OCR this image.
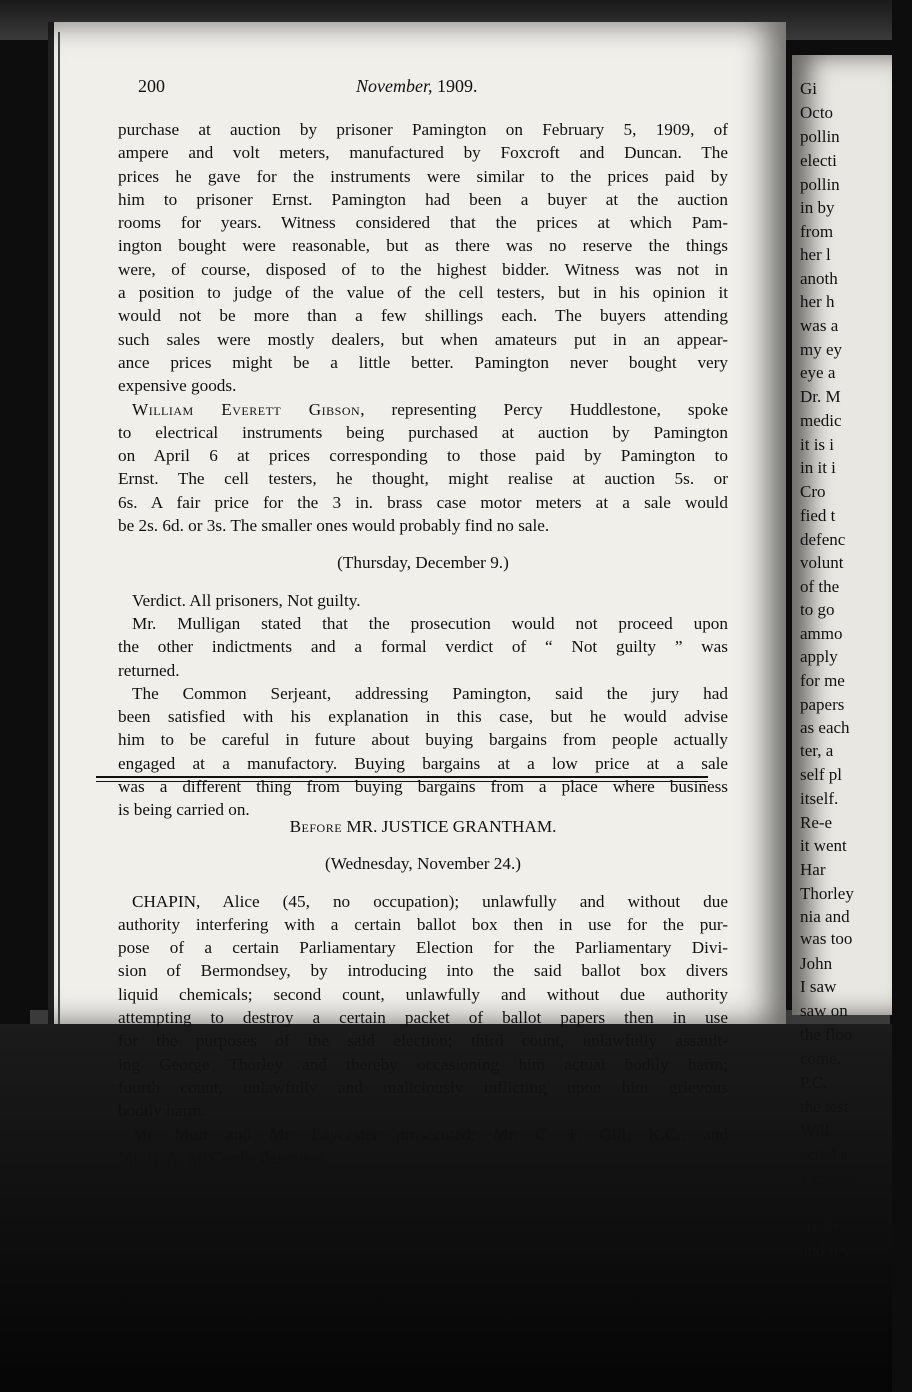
Gi
Octo
pollin
electi
pollin
in by
from
her l
anoth
her h
was a
my ey
eye a
Dr. M
medic
it is i
in it i
Cro
fied t
defenc
volunt
of the
to go
ammo
apply
for me
papers
as each
ter, a
self pl
itself.
Re-e
it went
Har
Thorley
nia and
was too
John
I saw
saw on
the floo
come.
P.C.
the test
Will
acted a
a comm
11.15.
sticky
and it v
200	November, 1909.
purchase at auction by prisoner Pamington on February 5, 1909, of
ampere and volt meters, manufactured by Foxcroft and Duncan. The
prices he gave for the instruments were similar to the prices paid by
him to prisoner Ernst. Pamington had been a buyer at the auction
rooms for years. Witness considered that the prices at which Pam-
ington bought were reasonable, but as there was no reserve the things
were, of course, disposed of to the highest bidder. Witness was not in
a position to judge of the value of the cell testers, but in his opinion it
would not be more than a few shillings each. The buyers attending
such sales were mostly dealers, but when amateurs put in an appear-
ance prices might be a little better. Pamington never bought very
expensive goods.
William Everett Gibson, representing Percy Huddlestone, spoke
to electrical instruments being purchased at auction by Pamington
on April 6 at prices corresponding to those paid by Pamington to
Ernst. The cell testers, he thought, might realise at auction 5s. or
6s. A fair price for the 3 in. brass case motor meters at a sale would
be 2s. 6d. or 3s. The smaller ones would probably find no sale.
(Thursday, December 9.)
Verdict. All prisoners, Not guilty.
Mr. Mulligan stated that the prosecution would not proceed upon
the other indictments and a formal verdict of “ Not guilty ” was
returned.
The Common Serjeant, addressing Pamington, said the jury had
been satisfied with his explanation in this case, but he would advise
him to be careful in future about buying bargains from people actually
engaged at a manufactory. Buying bargains at a low price at a sale
was a different thing from buying bargains from a place where business
is being carried on.
Before MR. JUSTICE GRANTHAM.
(Wednesday, November 24.)
CHAPIN, Alice (45, no occupation); unlawfully and without due
authority interfering with a certain ballot box then in use for the pur-
pose of a certain Parliamentary Election for the Parliamentary Divi-
sion of Bermondsey, by introducing into the said ballot box divers
liquid chemicals; second count, unlawfully and without due authority
attempting to destroy a certain packet of ballot papers then in use
for the purposes of the said election; third count, unlawfully assault-
ing George Thorley and thereby occasioning him actual bodily harm;
fourth count, unlawfully and maliciously inflicting upon him grievous
bodily harm.
Mr. Muir and Mr. Leycester prosecuted; Mr. C. F. Gill, K.C., and
Mr. H. A. McCardie defended.
